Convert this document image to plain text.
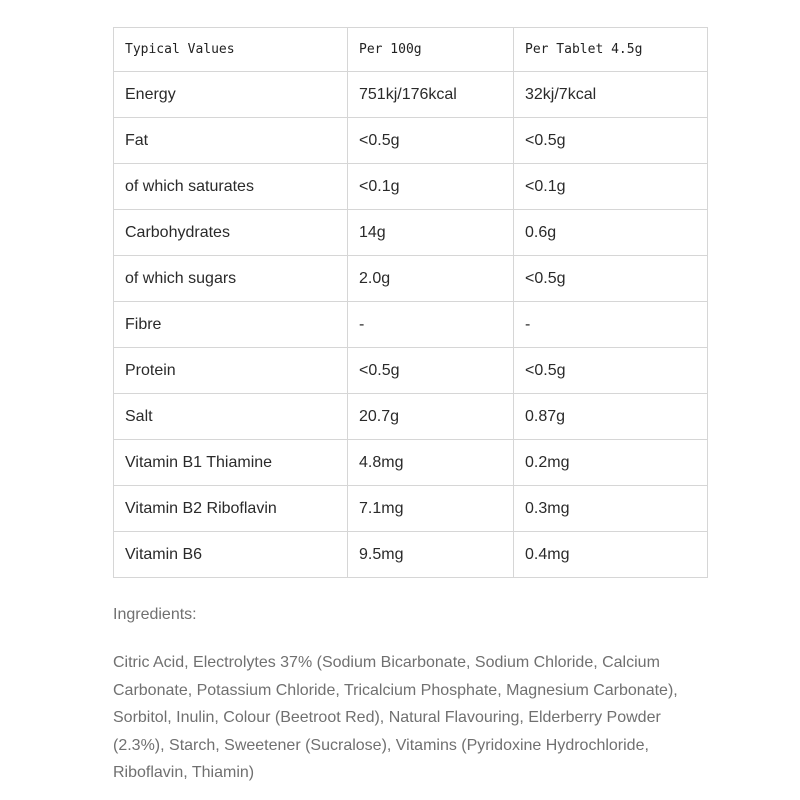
Typical Values	Per 100g	Per Tablet 4.5g
Energy	751kj/176kcal	32kj/7kcal
Fat	<0.5g	<0.5g
of which saturates	<0.1g	<0.1g
Carbohydrates	14g	0.6g
of which sugars	2.0g	<0.5g
Fibre	-	-
Protein	<0.5g	<0.5g
Salt	20.7g	0.87g
Vitamin B1 Thiamine	4.8mg	0.2mg
Vitamin B2 Riboflavin	7.1mg	0.3mg
Vitamin B6	9.5mg	0.4mg
Ingredients:

Citric Acid, Electrolytes 37% (Sodium Bicarbonate, Sodium Chloride, Calcium Carbonate, Potassium Chloride, Tricalcium Phosphate, Magnesium Carbonate), Sorbitol, Inulin, Colour (Beetroot Red), Natural Flavouring, Elderberry Powder (2.3%), Starch, Sweetener (Sucralose), Vitamins (Pyridoxine Hydrochloride, Riboflavin, Thiamin)
